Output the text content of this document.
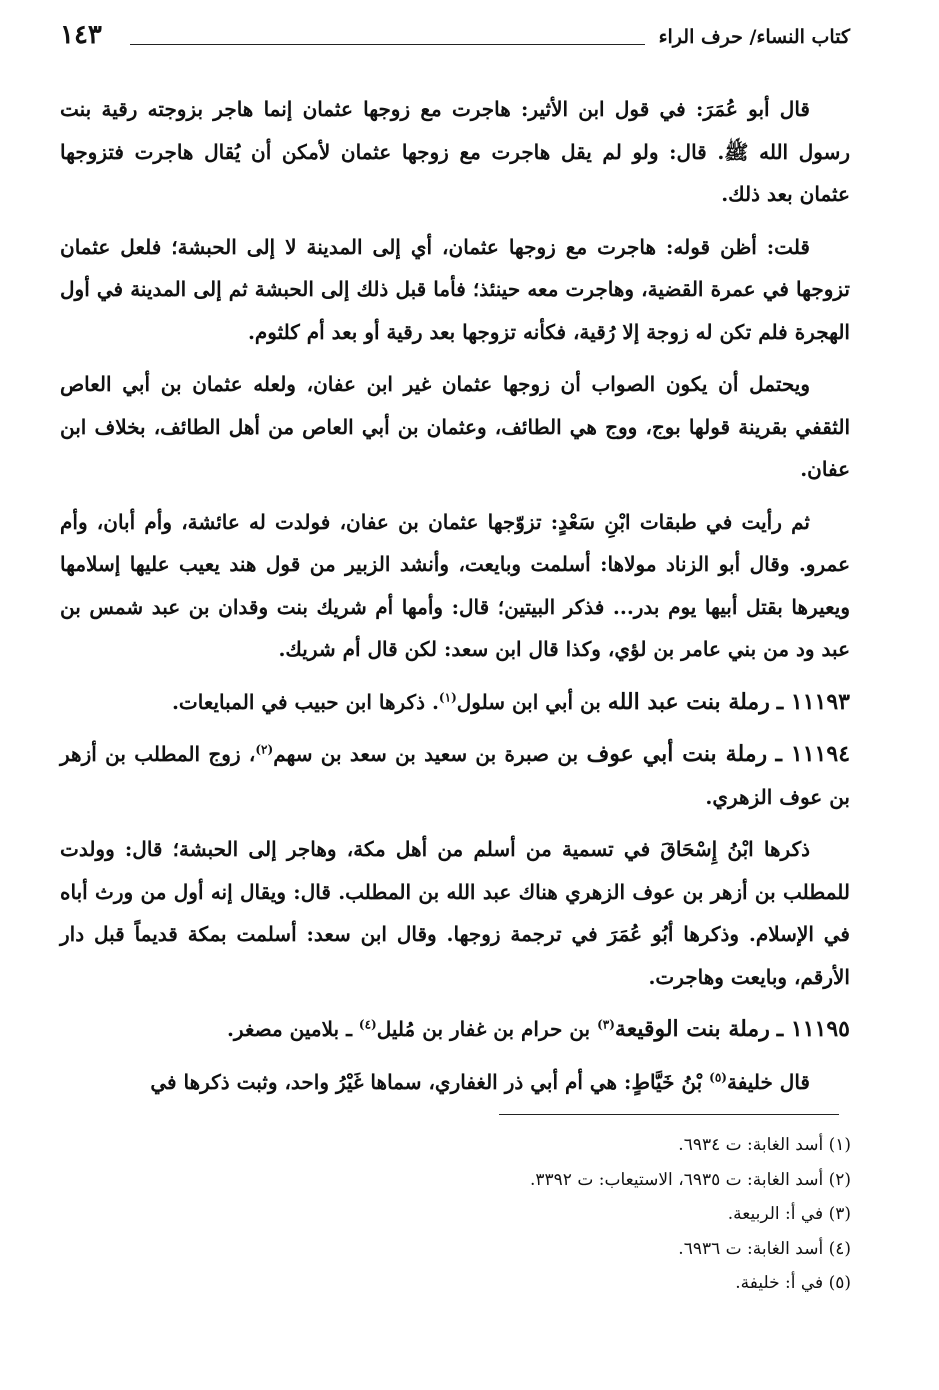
كتاب النساء/ حرف الراء
١٤٣

قال أبو عُمَرَ: في قول ابن الأثير: هاجرت مع زوجها عثمان إنما هاجر بزوجته رقية بنت رسول الله ﷺ. قال: ولو لم يقل هاجرت مع زوجها عثمان لأمكن أن يُقال هاجرت فتزوجها عثمان بعد ذلك.

قلت: أظن قوله: هاجرت مع زوجها عثمان، أي إلى المدينة لا إلى الحبشة؛ فلعل عثمان تزوجها في عمرة القضية، وهاجرت معه حينئذ؛ فأما قبل ذلك إلى الحبشة ثم إلى المدينة في أول الهجرة فلم تكن له زوجة إلا رُقية، فكأنه تزوجها بعد رقية أو بعد أم كلثوم.

ويحتمل أن يكون الصواب أن زوجها عثمان غير ابن عفان، ولعله عثمان بن أبي العاص الثقفي بقرينة قولها بوج، ووج هي الطائف، وعثمان بن أبي العاص من أهل الطائف، بخلاف ابن عفان.

ثم رأيت في طبقات ابْنِ سَعْدٍ: تزوّجها عثمان بن عفان، فولدت له عائشة، وأم أبان، وأم عمرو. وقال أبو الزناد مولاها: أسلمت وبايعت، وأنشد الزبير من قول هند يعيب عليها إسلامها ويعيرها بقتل أبيها يوم بدر... فذكر البيتين؛ قال: وأمها أم شريك بنت وقدان بن عبد شمس بن عبد ود من بني عامر بن لؤي، وكذا قال ابن سعد: لكن قال أم شريك.

١١١٩٣ ـ رملة بنت عبد الله بن أبي ابن سلول$^{(١)}$. ذكرها ابن حبيب في المبايعات.

١١١٩٤ ـ رملة بنت أبي عوف بن صبرة بن سعيد بن سعد بن سهم$^{(٢)}$، زوج المطلب بن أزهر بن عوف الزهري.

ذكرها ابْنُ إِسْحَاقَ في تسمية من أسلم من أهل مكة، وهاجر إلى الحبشة؛ قال: وولدت للمطلب بن أزهر بن عوف الزهري هناك عبد الله بن المطلب. قال: ويقال إنه أول من ورث أباه في الإسلام. وذكرها أبُو عُمَرَ في ترجمة زوجها. وقال ابن سعد: أسلمت بمكة قديماً قبل دار الأرقم، وبايعت وهاجرت.

١١١٩٥ ـ رملة بنت الوقيعة$^{(٣)}$ بن حرام بن غفار بن مُليل$^{(٤)}$ ـ بلامين مصغر.

قال خليفة$^{(٥)}$ بْنُ خَيَّاطٍ: هي أم أبي ذر الغفاري، سماها غَيْرُ واحد، وثبت ذكرها في

(١) أسد الغابة: ت ٦٩٣٤.

(٢) أسد الغابة: ت ٦٩٣٥، الاستيعاب: ت ٣٣٩٢.

(٣) في أ: الربيعة.

(٤) أسد الغابة: ت ٦٩٣٦.

(٥) في أ: خليفة.
